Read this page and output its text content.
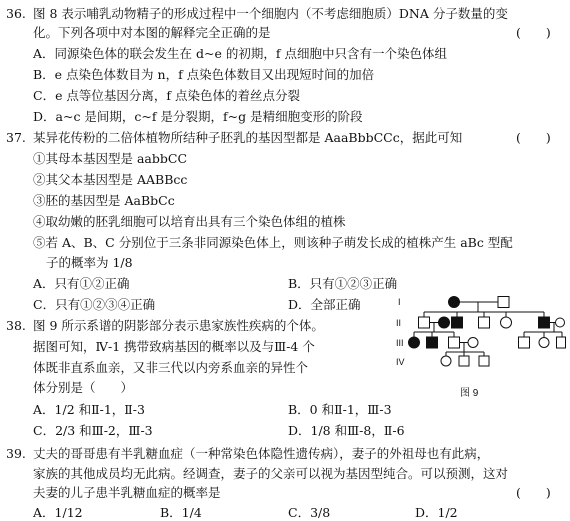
36. 图 8 表示哺乳动物精子的形成过程中一个细胞内（不考虑细胞质）DNA 分子数量的变
化。下列各项中对本图的解释完全正确的是	(　　)
A．同源染色体的联会发生在 d~e 的初期，f 点细胞中只含有一个染色体组
B．e 点染色体数目为 n，f 点染色体数目又出现短时间的加倍
C．e 点等位基因分离，f 点染色体的着丝点分裂
D．a~c 是间期，c~f 是分裂期，f~g 是精细胞变形的阶段
37. 某异花传粉的二倍体植物所结种子胚乳的基因型都是 AaaBbbCCc，据此可知	(　　)
①其母本基因型是 aabbCC
②其父本基因型是 AABBcc
③胚的基因型是 AaBbCc
④取幼嫩的胚乳细胞可以培育出具有三个染色体组的植株
⑤若 A、B、C 分别位于三条非同源染色体上，则该种子萌发长成的植株产生 aBc 型配
子的概率为 1/8
A．只有①②正确	B．只有①②③正确
C．只有①②③④正确	D．全部正确
38. 图 9 所示系谱的阴影部分表示患家族性疾病的个体。
据图可知，Ⅳ-1 携带致病基因的概率以及与Ⅲ-4 个
体既非直系血亲，又非三代以内旁系血亲的异性个
体分别是（　　）
A．1/2 和Ⅱ-1，Ⅱ-3	B．0 和Ⅱ-1，Ⅲ-3
C．2/3 和Ⅲ-2，Ⅲ-3	D．1/8 和Ⅲ-8，Ⅱ-6
I
II
III
IV
图 9
39. 丈夫的哥哥患有半乳糖血症（一种常染色体隐性遗传病），妻子的外祖母也有此病，
家族的其他成员均无此病。经调查，妻子的父亲可以视为基因型纯合。可以预测，这对
夫妻的儿子患半乳糖血症的概率是	(　　)
A．1/12	B．1/4	C．3/8	D．1/2
